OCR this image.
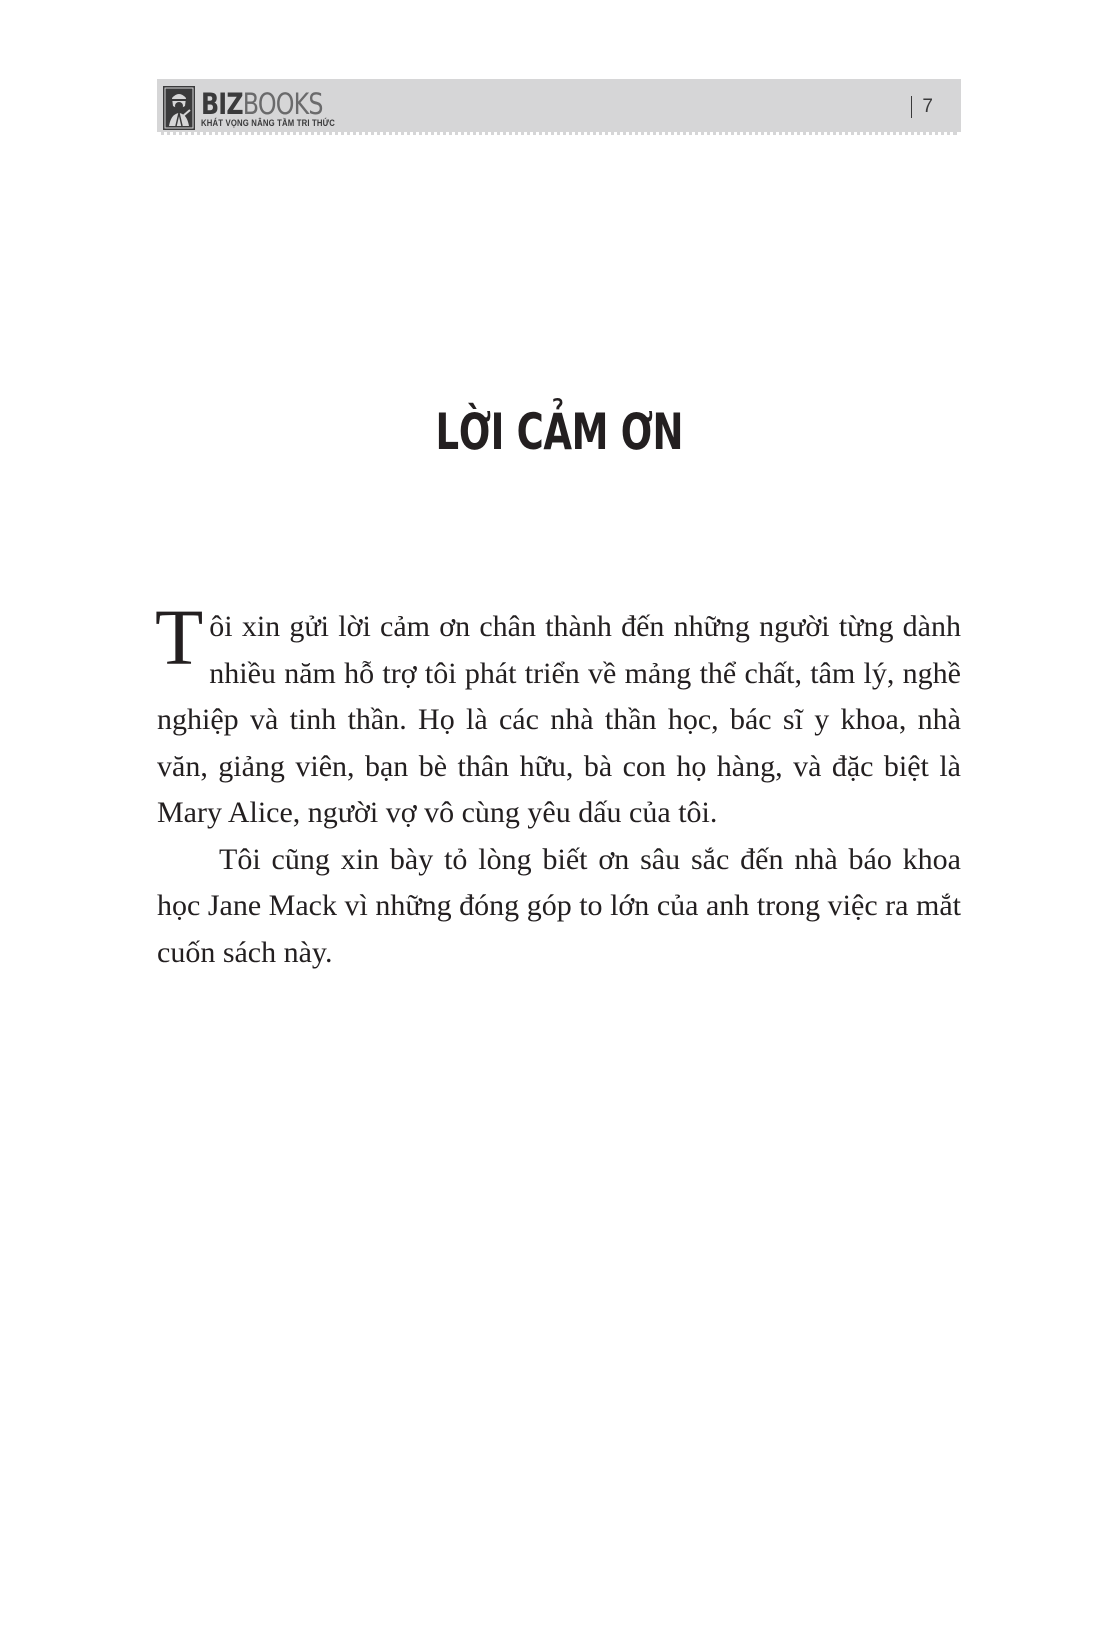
BIZBOOKS
KHÁT VỌNG NÂNG TẦM TRI THỨC
7
LỜI CẢM ƠN

Tôi xin gửi lời cảm ơn chân thành đến những người từng dành nhiều năm hỗ trợ tôi phát triển về mảng thể chất, tâm lý, nghề nghiệp và tinh thần. Họ là các nhà thần học, bác sĩ y khoa, nhà văn, giảng viên, bạn bè thân hữu, bà con họ hàng, và đặc biệt là Mary Alice, người vợ vô cùng yêu dấu của tôi.

Tôi cũng xin bày tỏ lòng biết ơn sâu sắc đến nhà báo khoa học Jane Mack vì những đóng góp to lớn của anh trong việc ra mắt cuốn sách này.
